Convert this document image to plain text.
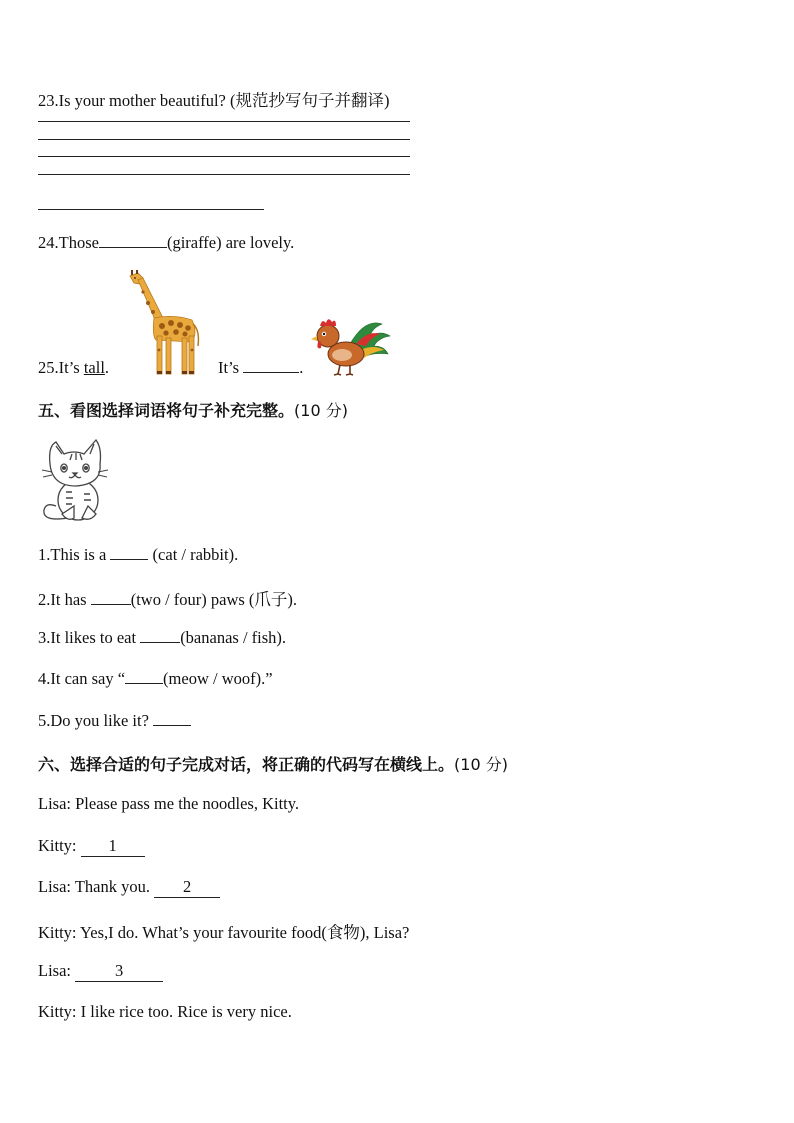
23.Is your mother beautiful? (规范抄写句子并翻译)
24.Those	(giraffe) are lovely.
25.It’s tall.	It’s	.
五、看图选择词语将句子补充完整。(10 分)
1.This is a  (cat / rabbit).
2.It has (two / four) paws (爪子).
3.It likes to eat (bananas / fish).
4.It can say “ (meow / woof).”
5.Do you like it?
六、选择合适的句子完成对话，将正确的代码写在横线上。(10 分)
Lisa: Please pass me the noodles, Kitty.
Kitty: 1
Lisa: Thank you. 2
Kitty: Yes,I do. What’s your favourite food(食物), Lisa?
Lisa: 3
Kitty: I like rice too. Rice is very nice.
